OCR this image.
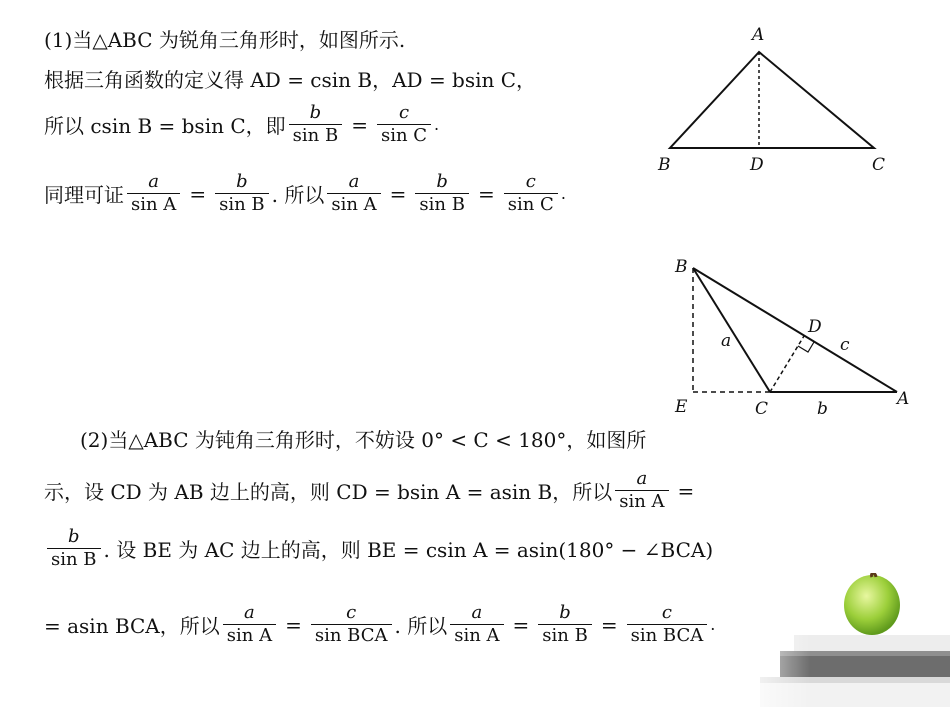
(1)当△ABC 为锐角三角形时，如图所示.
根据三角函数的定义得 AD = csin B，AD = bsin C，
所以 csin B = bsin C，即 $\frac{b}{\text{sin B}} = \frac{c}{\text{sin C}}$ .
同理可证 $\frac{a}{\text{sin A}} = \frac{b}{\text{sin B}}$ . 所以 $\frac{a}{\text{sin A}} = \frac{b}{\text{sin B}} = \frac{c}{\text{sin C}}$ .
A
B	D	C
B
D
a	c
E	C	b	A
(2)当△ABC 为钝角三角形时，不妨设 0° < C < 180°，如图所
示，设 CD 为 AB 边上的高，则 CD = bsin A = asin B，所以 $\frac{a}{\text{sin A}}$ =
$\frac{b}{\text{sin B}}$ . 设 BE 为 AC 边上的高，则 BE = csin A = asin(180° − ∠BCA)
= asin BCA，所以 $\frac{a}{\text{sin A}} = \frac{c}{\text{sin BCA}}$ . 所以 $\frac{a}{\text{sin A}} = \frac{b}{\text{sin B}} = \frac{c}{\text{sin BCA}}$ .
